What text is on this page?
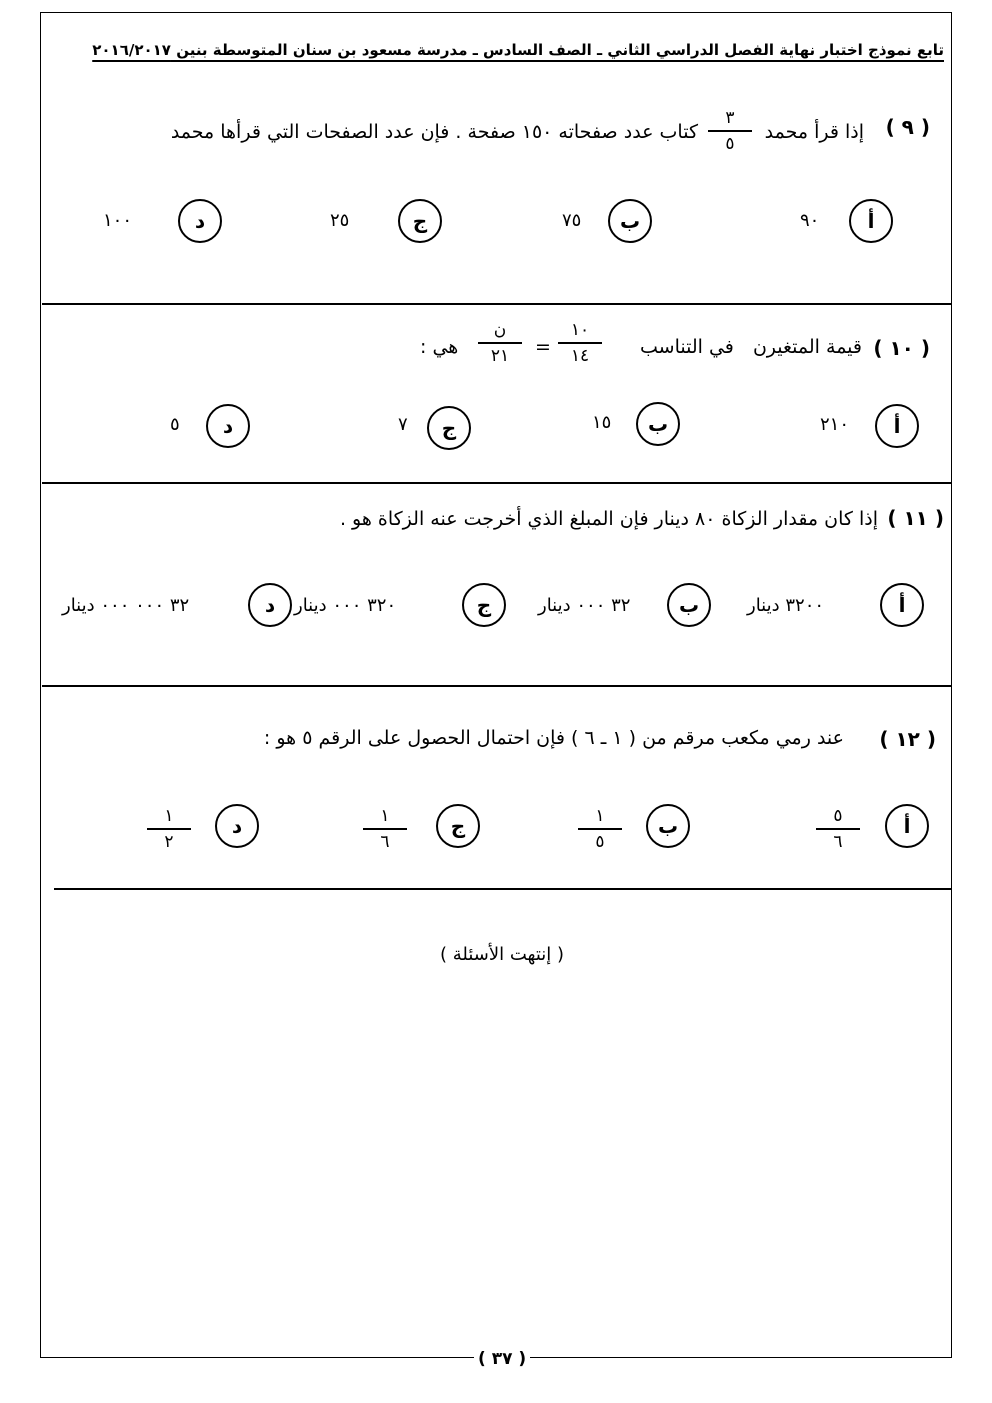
تابع نموذج اختبار نهاية الفصل الدراسي الثاني ـ الصف السادس ـ مدرسة مسعود بن سنان المتوسطة بنين ٢٠١٦/٢٠١٧
( ٩ )
إذا قرأ محمد
٣
٥
كتاب عدد صفحاته ١٥٠ صفحة . فإن عدد الصفحات التي قرأها محمد
أ
٩٠
ب
٧٥
ج
٢٥
د
١٠٠
( ١٠ )
قيمة المتغير
ن
في التناسب
١٠
١٤
=
ن
٢١
هي :
أ
٢١٠
ب
١٥
ج
٧
د
٥
( ١١ )
إذا كان مقدار الزكاة ٨٠ دينار فإن المبلغ الذي أخرجت عنه الزكاة هو .
أ
٣٢٠٠ دينار
ب
٣٢ ٠٠٠ دينار
ج
٣٢٠ ٠٠٠ دينار
د
٣٢ ٠٠٠ ٠٠٠ دينار
( ١٢ )
عند رمي مكعب مرقم من ( ١ ـ ٦ ) فإن احتمال الحصول على الرقم ٥ هو :
أ
٥
٦
ب
١
٥
ج
١
٦
د
١
٢
( إنتهت الأسئلة )
( ٣٧ )
